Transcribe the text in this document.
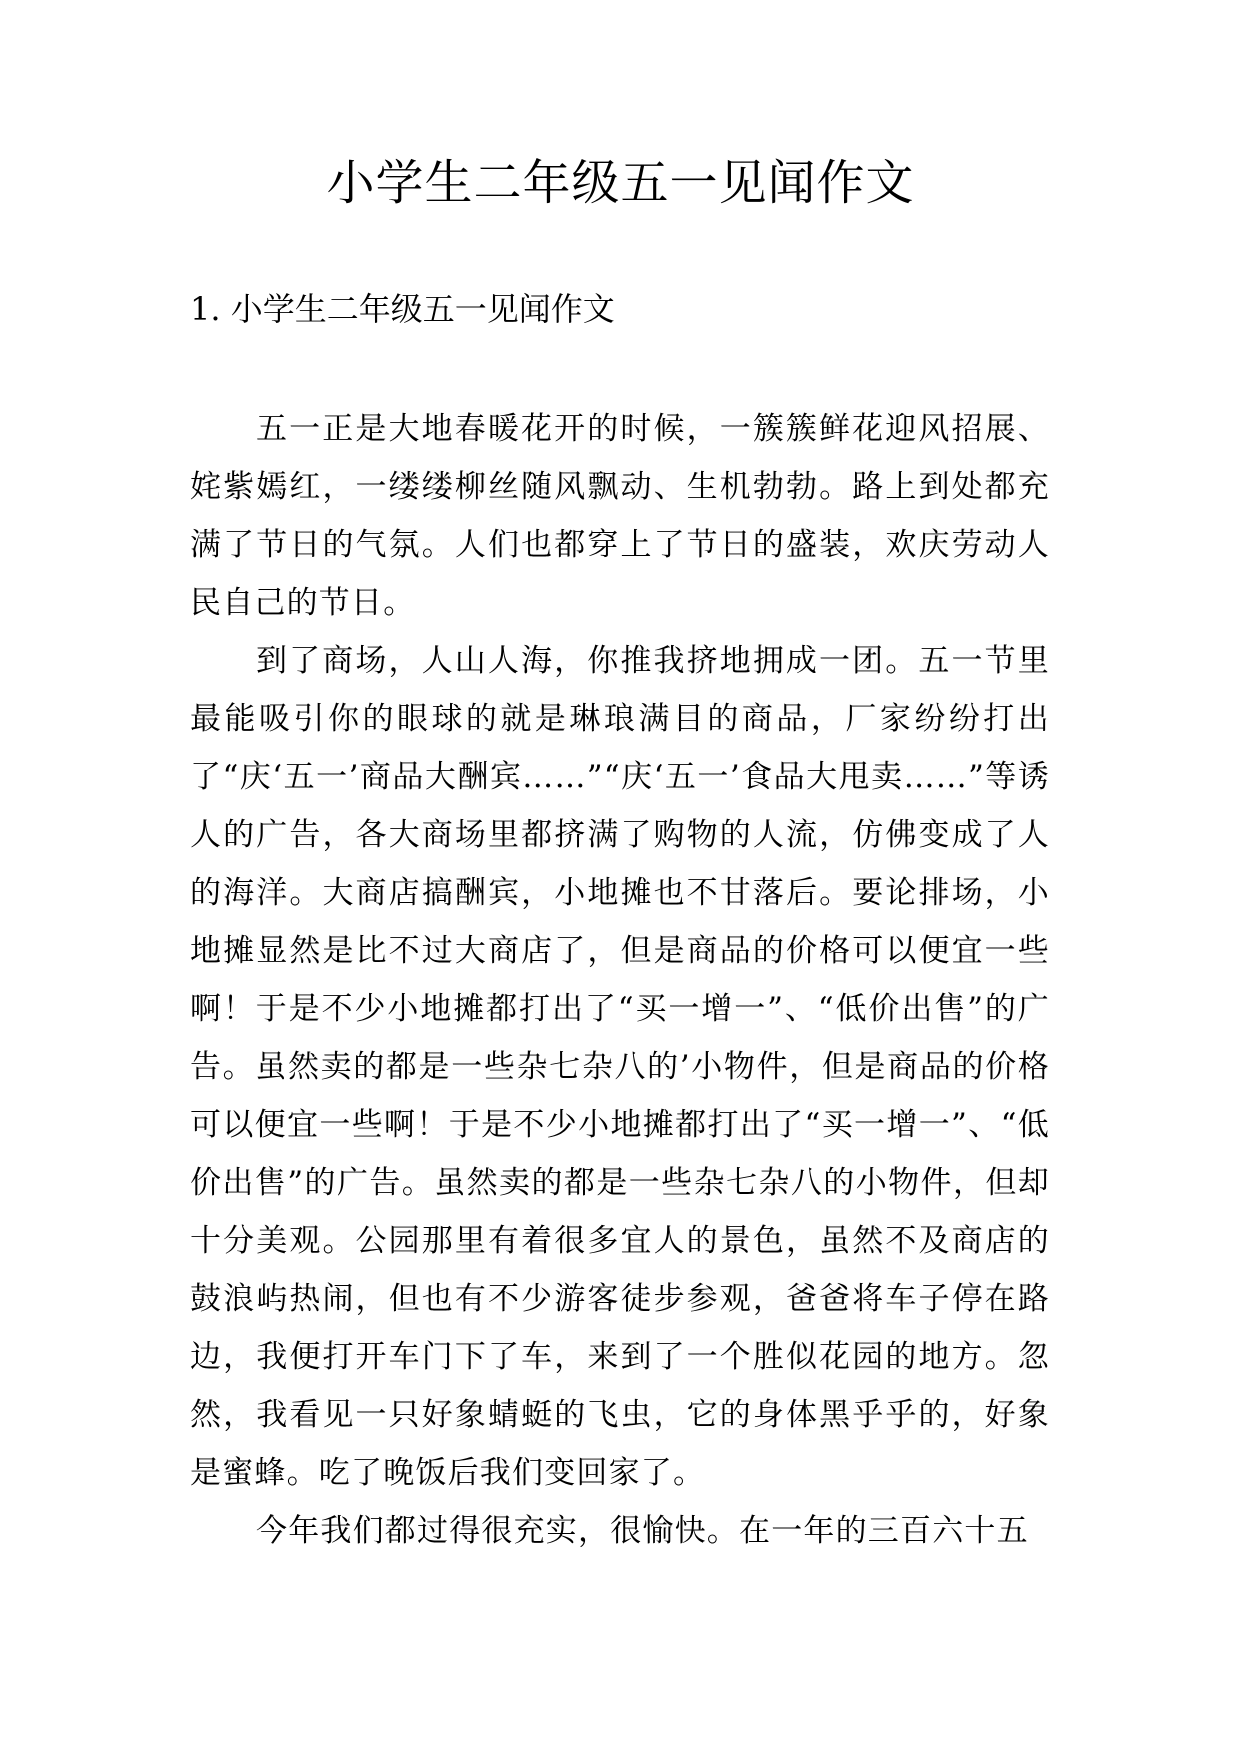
小学生二年级五一见闻作文
1. 小学生二年级五一见闻作文

五一正是大地春暖花开的时候，一簇簇鲜花迎风招展、姹紫嫣红，一缕缕柳丝随风飘动、生机勃勃。路上到处都充满了节日的气氛。人们也都穿上了节日的盛装，欢庆劳动人民自己的节日。

到了商场，人山人海，你推我挤地拥成一团。五一节里最能吸引你的眼球的就是琳琅满目的商品，厂家纷纷打出了“庆‘五一’商品大酬宾……”“庆‘五一’食品大甩卖……”等诱人的广告，各大商场里都挤满了购物的人流，仿佛变成了人的海洋。大商店搞酬宾，小地摊也不甘落后。要论排场，小地摊显然是比不过大商店了，但是商品的价格可以便宜一些啊！于是不少小地摊都打出了“买一增一”、“低价出售”的广告。虽然卖的都是一些杂七杂八的’小物件，但是商品的价格可以便宜一些啊！于是不少小地摊都打出了“买一增一”、“低价出售”的广告。虽然卖的都是一些杂七杂八的小物件，但却十分美观。公园那里有着很多宜人的景色，虽然不及商店的鼓浪屿热闹，但也有不少游客徒步参观，爸爸将车子停在路边，我便打开车门下了车，来到了一个胜似花园的地方。忽然，我看见一只好象蜻蜓的飞虫，它的身体黑乎乎的，好象是蜜蜂。吃了晚饭后我们变回家了。

今年我们都过得很充实，很愉快。在一年的三百六十五
